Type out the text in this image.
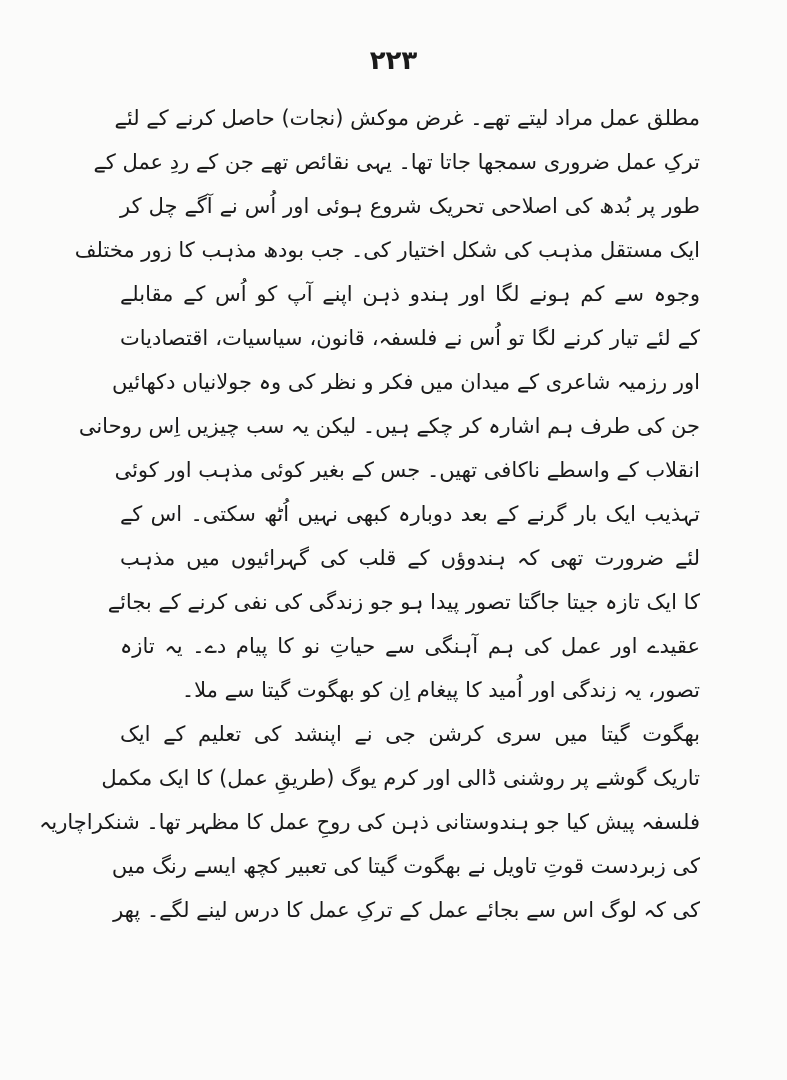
۲۲۳
مطلق عمل مراد لیتے تھے۔ غرض موکش (نجات) حاصل کرنے کے لئے
ترکِ عمل ضروری سمجھا جاتا تھا۔ یہی نقائص تھے جن کے ردِ عمل کے
طور پر بُدھ کی اصلاحی تحریک شروع ہوئی اور اُس نے آگے چل کر
ایک مستقل مذہب کی شکل اختیار کی۔ جب بودھ مذہب کا زور مختلف
وجوہ سے کم ہونے لگا اور ہندو ذہن اپنے آپ کو اُس کے مقابلے
کے لئے تیار کرنے لگا تو اُس نے فلسفہ، قانون، سیاسیات، اقتصادیات
اور رزمیہ شاعری کے میدان میں فکر و نظر کی وہ جولانیاں دکھائیں
جن کی طرف ہم اشارہ کر چکے ہیں۔ لیکن یہ سب چیزیں اِس روحانی
انقلاب کے واسطے ناکافی تھیں۔ جس کے بغیر کوئی مذہب اور کوئی
تہذیب ایک بار گرنے کے بعد دوبارہ کبھی نہیں اُٹھ سکتی۔ اس کے
لئے ضرورت تھی کہ ہندوؤں کے قلب کی گہرائیوں میں مذہب
کا ایک تازہ جیتا جاگتا تصور پیدا ہو جو زندگی کی نفی کرنے کے بجائے
عقیدے اور عمل کی ہم آہنگی سے حیاتِ نو کا پیام دے۔ یہ تازہ
تصور، یہ زندگی اور اُمید کا پیغام اِن کو بھگوت گیتا سے ملا۔
بھگوت گیتا میں سری کرشن جی نے اپنشد کی تعلیم کے ایک
تاریک گوشے پر روشنی ڈالی اور کرم یوگ (طریقِ عمل) کا ایک مکمل
فلسفہ پیش کیا جو ہندوستانی ذہن کی روحِ عمل کا مظہر تھا۔ شنکراچاریہ
کی زبردست قوتِ تاویل نے بھگوت گیتا کی تعبیر کچھ ایسے رنگ میں
کی کہ لوگ اس سے بجائے عمل کے ترکِ عمل کا درس لینے لگے۔ پھر
